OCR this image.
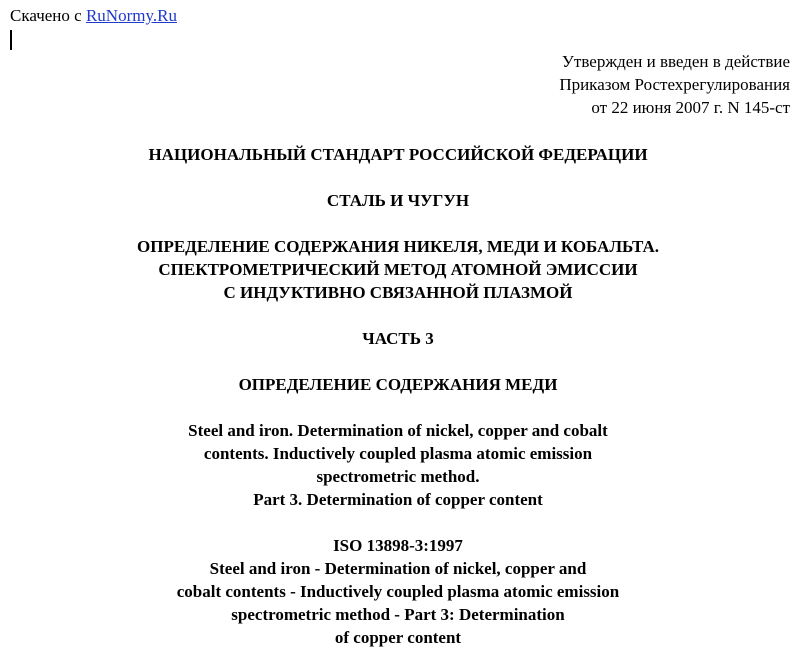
Скачено с RuNormy.Ru
Утвержден и введен в действие
Приказом Ростехрегулирования
от 22 июня 2007 г. N 145-ст
НАЦИОНАЛЬНЫЙ СТАНДАРТ РОССИЙСКОЙ ФЕДЕРАЦИИ
СТАЛЬ И ЧУГУН
ОПРЕДЕЛЕНИЕ СОДЕРЖАНИЯ НИКЕЛЯ, МЕДИ И КОБАЛЬТА.
СПЕКТРОМЕТРИЧЕСКИЙ МЕТОД АТОМНОЙ ЭМИССИИ
С ИНДУКТИВНО СВЯЗАННОЙ ПЛАЗМОЙ
ЧАСТЬ 3
ОПРЕДЕЛЕНИЕ СОДЕРЖАНИЯ МЕДИ
Steel and iron. Determination of nickel, copper and cobalt
contents. Inductively coupled plasma atomic emission
spectrometric method.
Part 3. Determination of copper content
ISO 13898-3:1997
Steel and iron - Determination of nickel, copper and
cobalt contents - Inductively coupled plasma atomic emission
spectrometric method - Part 3: Determination
of copper content
